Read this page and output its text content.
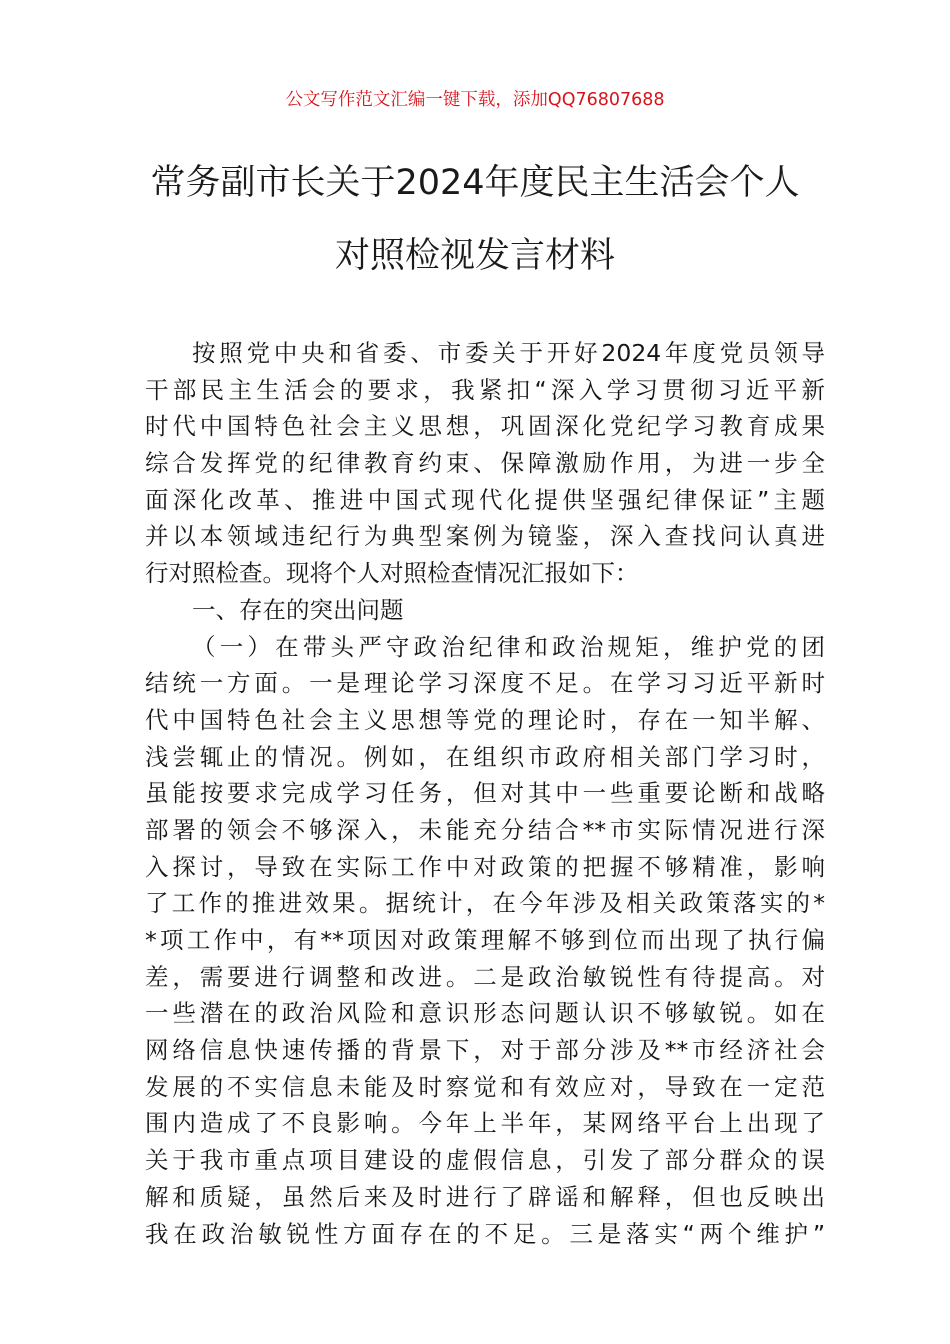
公文写作范文汇编一键下载，添加QQ76807688
常务副市长关于2024年度民主生活会个人
对照检视发言材料
按照党中央和省委、市委关于开好2024年度党员领导
干部民主生活会的要求，我紧扣“深入学习贯彻习近平新
时代中国特色社会主义思想，巩固深化党纪学习教育成果
综合发挥党的纪律教育约束、保障激励作用，为进一步全
面深化改革、推进中国式现代化提供坚强纪律保证”主题
并以本领域违纪行为典型案例为镜鉴，深入查找问认真进
行对照检查。现将个人对照检查情况汇报如下：
一、存在的突出问题
（一）在带头严守政治纪律和政治规矩，维护党的团
结统一方面。一是理论学习深度不足。在学习习近平新时
代中国特色社会主义思想等党的理论时，存在一知半解、
浅尝辄止的情况。例如，在组织市政府相关部门学习时，
虽能按要求完成学习任务，但对其中一些重要论断和战略
部署的领会不够深入，未能充分结合**市实际情况进行深
入探讨，导致在实际工作中对政策的把握不够精准，影响
了工作的推进效果。据统计，在今年涉及相关政策落实的*
*项工作中，有**项因对政策理解不够到位而出现了执行偏
差，需要进行调整和改进。二是政治敏锐性有待提高。对
一些潜在的政治风险和意识形态问题认识不够敏锐。如在
网络信息快速传播的背景下，对于部分涉及**市经济社会
发展的不实信息未能及时察觉和有效应对，导致在一定范
围内造成了不良影响。今年上半年，某网络平台上出现了
关于我市重点项目建设的虚假信息，引发了部分群众的误
解和质疑，虽然后来及时进行了辟谣和解释，但也反映出
我在政治敏锐性方面存在的不足。三是落实“两个维护”
